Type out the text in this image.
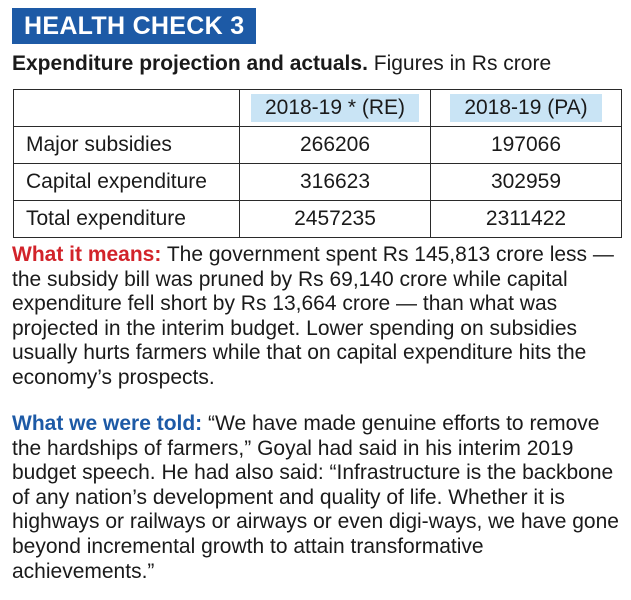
HEALTH CHECK 3
Expenditure projection and actuals. Figures in Rs crore
	2018-19 * (RE)	2018-19 (PA)
Major subsidies	266206	197066
Capital expenditure	316623	302959
Total expenditure	2457235	2311422
What it means: The government spent Rs 145,813 crore less — the subsidy bill was pruned by Rs 69,140 crore while capital expenditure fell short by Rs 13,664 crore — than what was projected in the interim budget. Lower spending on subsidies usually hurts farmers while that on capital expenditure hits the economy’s prospects.
What we were told: “We have made genuine efforts to remove the hardships of farmers,” Goyal had said in his interim 2019 budget speech. He had also said: “Infrastructure is the backbone of any nation’s development and quality of life. Whether it is highways or railways or airways or even digi-ways, we have gone beyond incremental growth to attain transformative achievements.”
